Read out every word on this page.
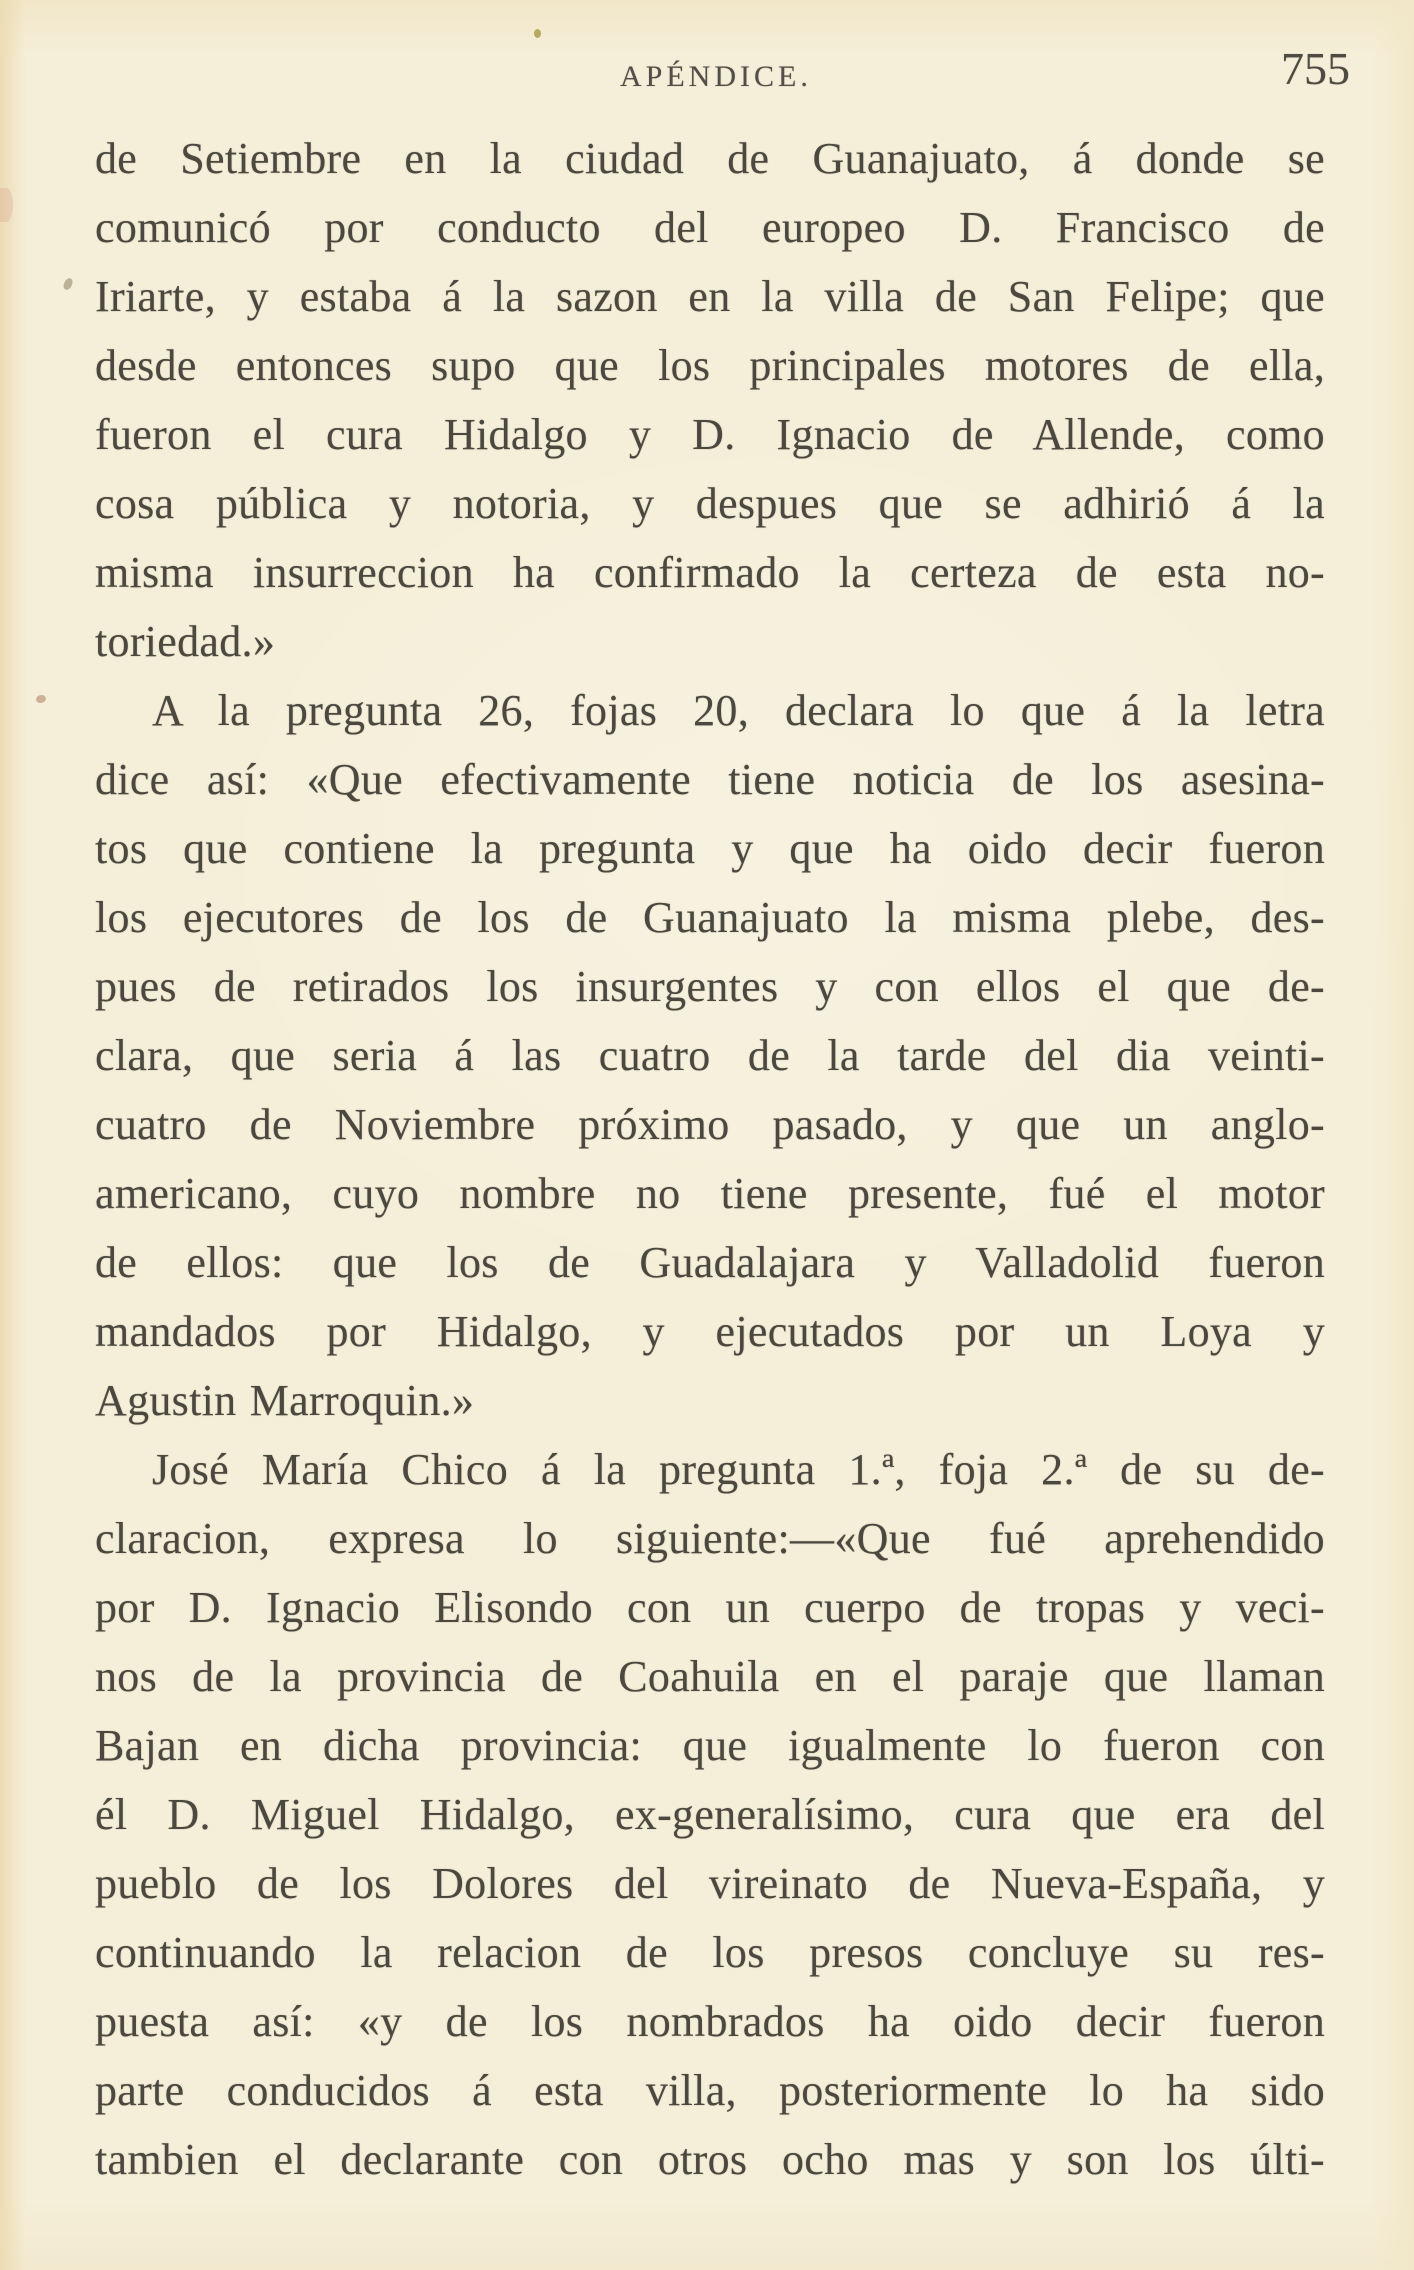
APÉNDICE.	755
de Setiembre en la ciudad de Guanajuato, á donde se
comunicó por conducto del europeo D. Francisco de
Iriarte, y estaba á la sazon en la villa de San Felipe; que
desde entonces supo que los principales motores de ella,
fueron el cura Hidalgo y D. Ignacio de Allende, como
cosa pública y notoria, y despues que se adhirió á la
misma insurreccion ha confirmado la certeza de esta no-
toriedad.»
A la pregunta 26, fojas 20, declara lo que á la letra
dice así: «Que efectivamente tiene noticia de los asesina-
tos que contiene la pregunta y que ha oido decir fueron
los ejecutores de los de Guanajuato la misma plebe, des-
pues de retirados los insurgentes y con ellos el que de-
clara, que seria á las cuatro de la tarde del dia veinti-
cuatro de Noviembre próximo pasado, y que un anglo-
americano, cuyo nombre no tiene presente, fué el motor
de ellos: que los de Guadalajara y Valladolid fueron
mandados por Hidalgo, y ejecutados por un Loya y
Agustin Marroquin.»
José María Chico á la pregunta 1.ª, foja 2.ª de su de-
claracion, expresa lo siguiente:—«Que fué aprehendido
por D. Ignacio Elisondo con un cuerpo de tropas y veci-
nos de la provincia de Coahuila en el paraje que llaman
Bajan en dicha provincia: que igualmente lo fueron con
él D. Miguel Hidalgo, ex-generalísimo, cura que era del
pueblo de los Dolores del vireinato de Nueva-España, y
continuando la relacion de los presos concluye su res-
puesta así: «y de los nombrados ha oido decir fueron
parte conducidos á esta villa, posteriormente lo ha sido
tambien el declarante con otros ocho mas y son los últi-
